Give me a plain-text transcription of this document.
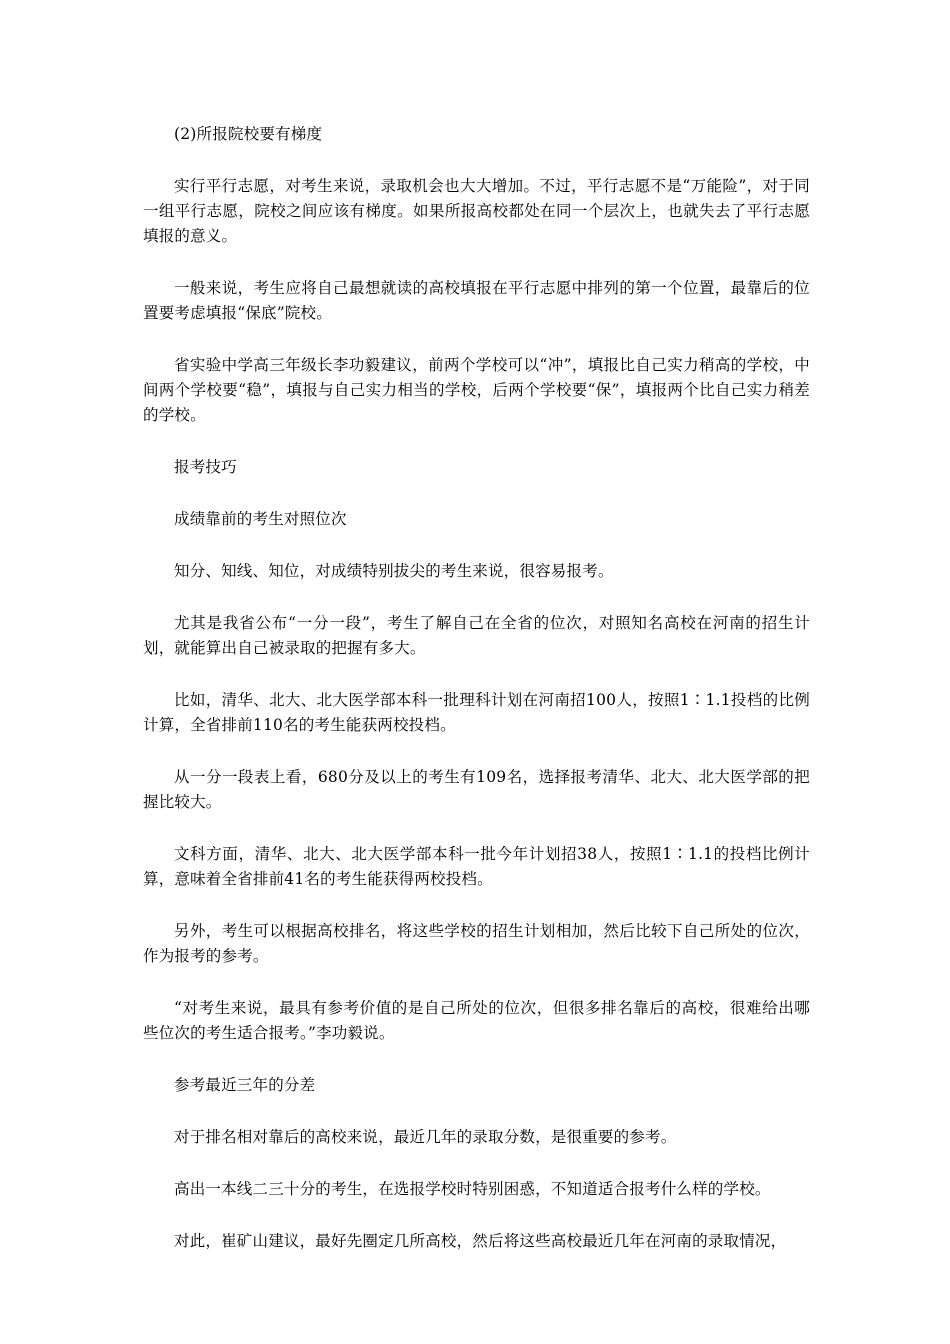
(2)所报院校要有梯度

实行平行志愿，对考生来说，录取机会也大大增加。不过，平行志愿不是“万能险”，对于同一组平行志愿，院校之间应该有梯度。如果所报高校都处在同一个层次上，也就失去了平行志愿填报的意义。

一般来说，考生应将自己最想就读的高校填报在平行志愿中排列的第一个位置，最靠后的位置要考虑填报“保底”院校。

省实验中学高三年级长李功毅建议，前两个学校可以“冲”，填报比自己实力稍高的学校，中间两个学校要“稳”，填报与自己实力相当的学校，后两个学校要“保”，填报两个比自己实力稍差的学校。

报考技巧

成绩靠前的考生对照位次

知分、知线、知位，对成绩特别拔尖的考生来说，很容易报考。

尤其是我省公布“一分一段”，考生了解自己在全省的位次，对照知名高校在河南的招生计划，就能算出自己被录取的把握有多大。

比如，清华、北大、北大医学部本科一批理科计划在河南招100人，按照1∶1.1投档的比例计算，全省排前110名的考生能获两校投档。

从一分一段表上看，680分及以上的考生有109名，选择报考清华、北大、北大医学部的把握比较大。

文科方面，清华、北大、北大医学部本科一批今年计划招38人，按照1∶1.1的投档比例计算，意味着全省排前41名的考生能获得两校投档。

另外，考生可以根据高校排名，将这些学校的招生计划相加，然后比较下自己所处的位次，作为报考的参考。

“对考生来说，最具有参考价值的是自己所处的位次，但很多排名靠后的高校，很难给出哪些位次的考生适合报考。”李功毅说。

参考最近三年的分差

对于排名相对靠后的高校来说，最近几年的录取分数，是很重要的参考。

高出一本线二三十分的考生，在选报学校时特别困惑，不知道适合报考什么样的学校。

对此，崔矿山建议，最好先圈定几所高校，然后将这些高校最近几年在河南的录取情况，
